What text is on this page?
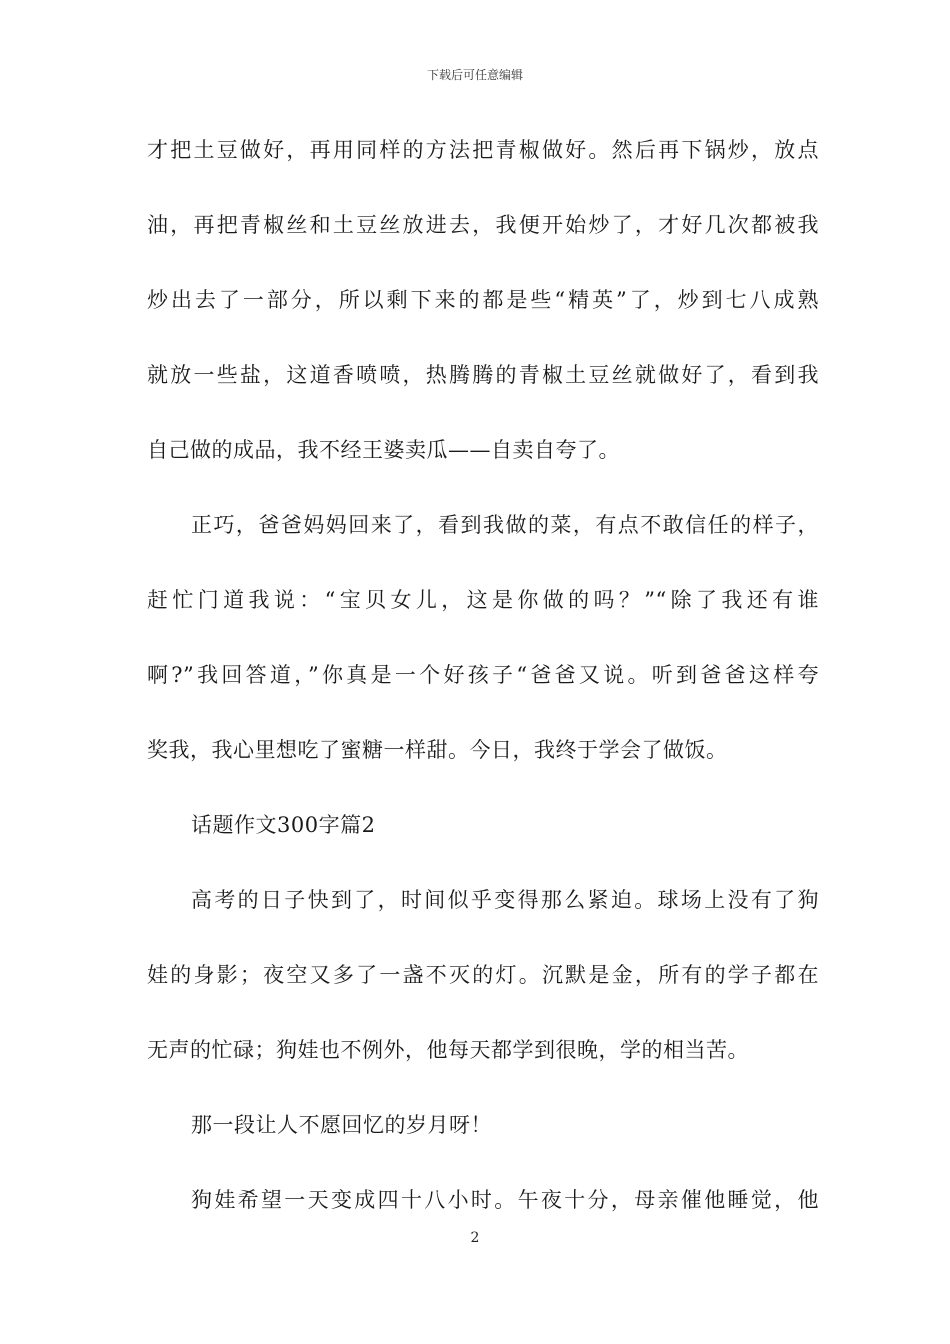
下载后可任意编辑
才把土豆做好，再用同样的方法把青椒做好。然后再下锅炒，放点
油，再把青椒丝和土豆丝放进去，我便开始炒了，才好几次都被我
炒出去了一部分，所以剩下来的都是些“精英”了，炒到七八成熟
就放一些盐，这道香喷喷，热腾腾的青椒土豆丝就做好了，看到我
自己做的成品，我不经王婆卖瓜——自卖自夸了。
正巧，爸爸妈妈回来了，看到我做的菜，有点不敢信任的样子，
赶忙门道我说：“宝贝女儿，这是你做的吗？”“除了我还有谁
啊?”我回答道，”你真是一个好孩子“爸爸又说。听到爸爸这样夸
奖我，我心里想吃了蜜糖一样甜。今日，我终于学会了做饭。
话题作文300字篇2
高考的日子快到了，时间似乎变得那么紧迫。球场上没有了狗
娃的身影；夜空又多了一盏不灭的灯。沉默是金，所有的学子都在
无声的忙碌；狗娃也不例外，他每天都学到很晚，学的相当苦。
那一段让人不愿回忆的岁月呀！
狗娃希望一天变成四十八小时。午夜十分，母亲催他睡觉，他
2
